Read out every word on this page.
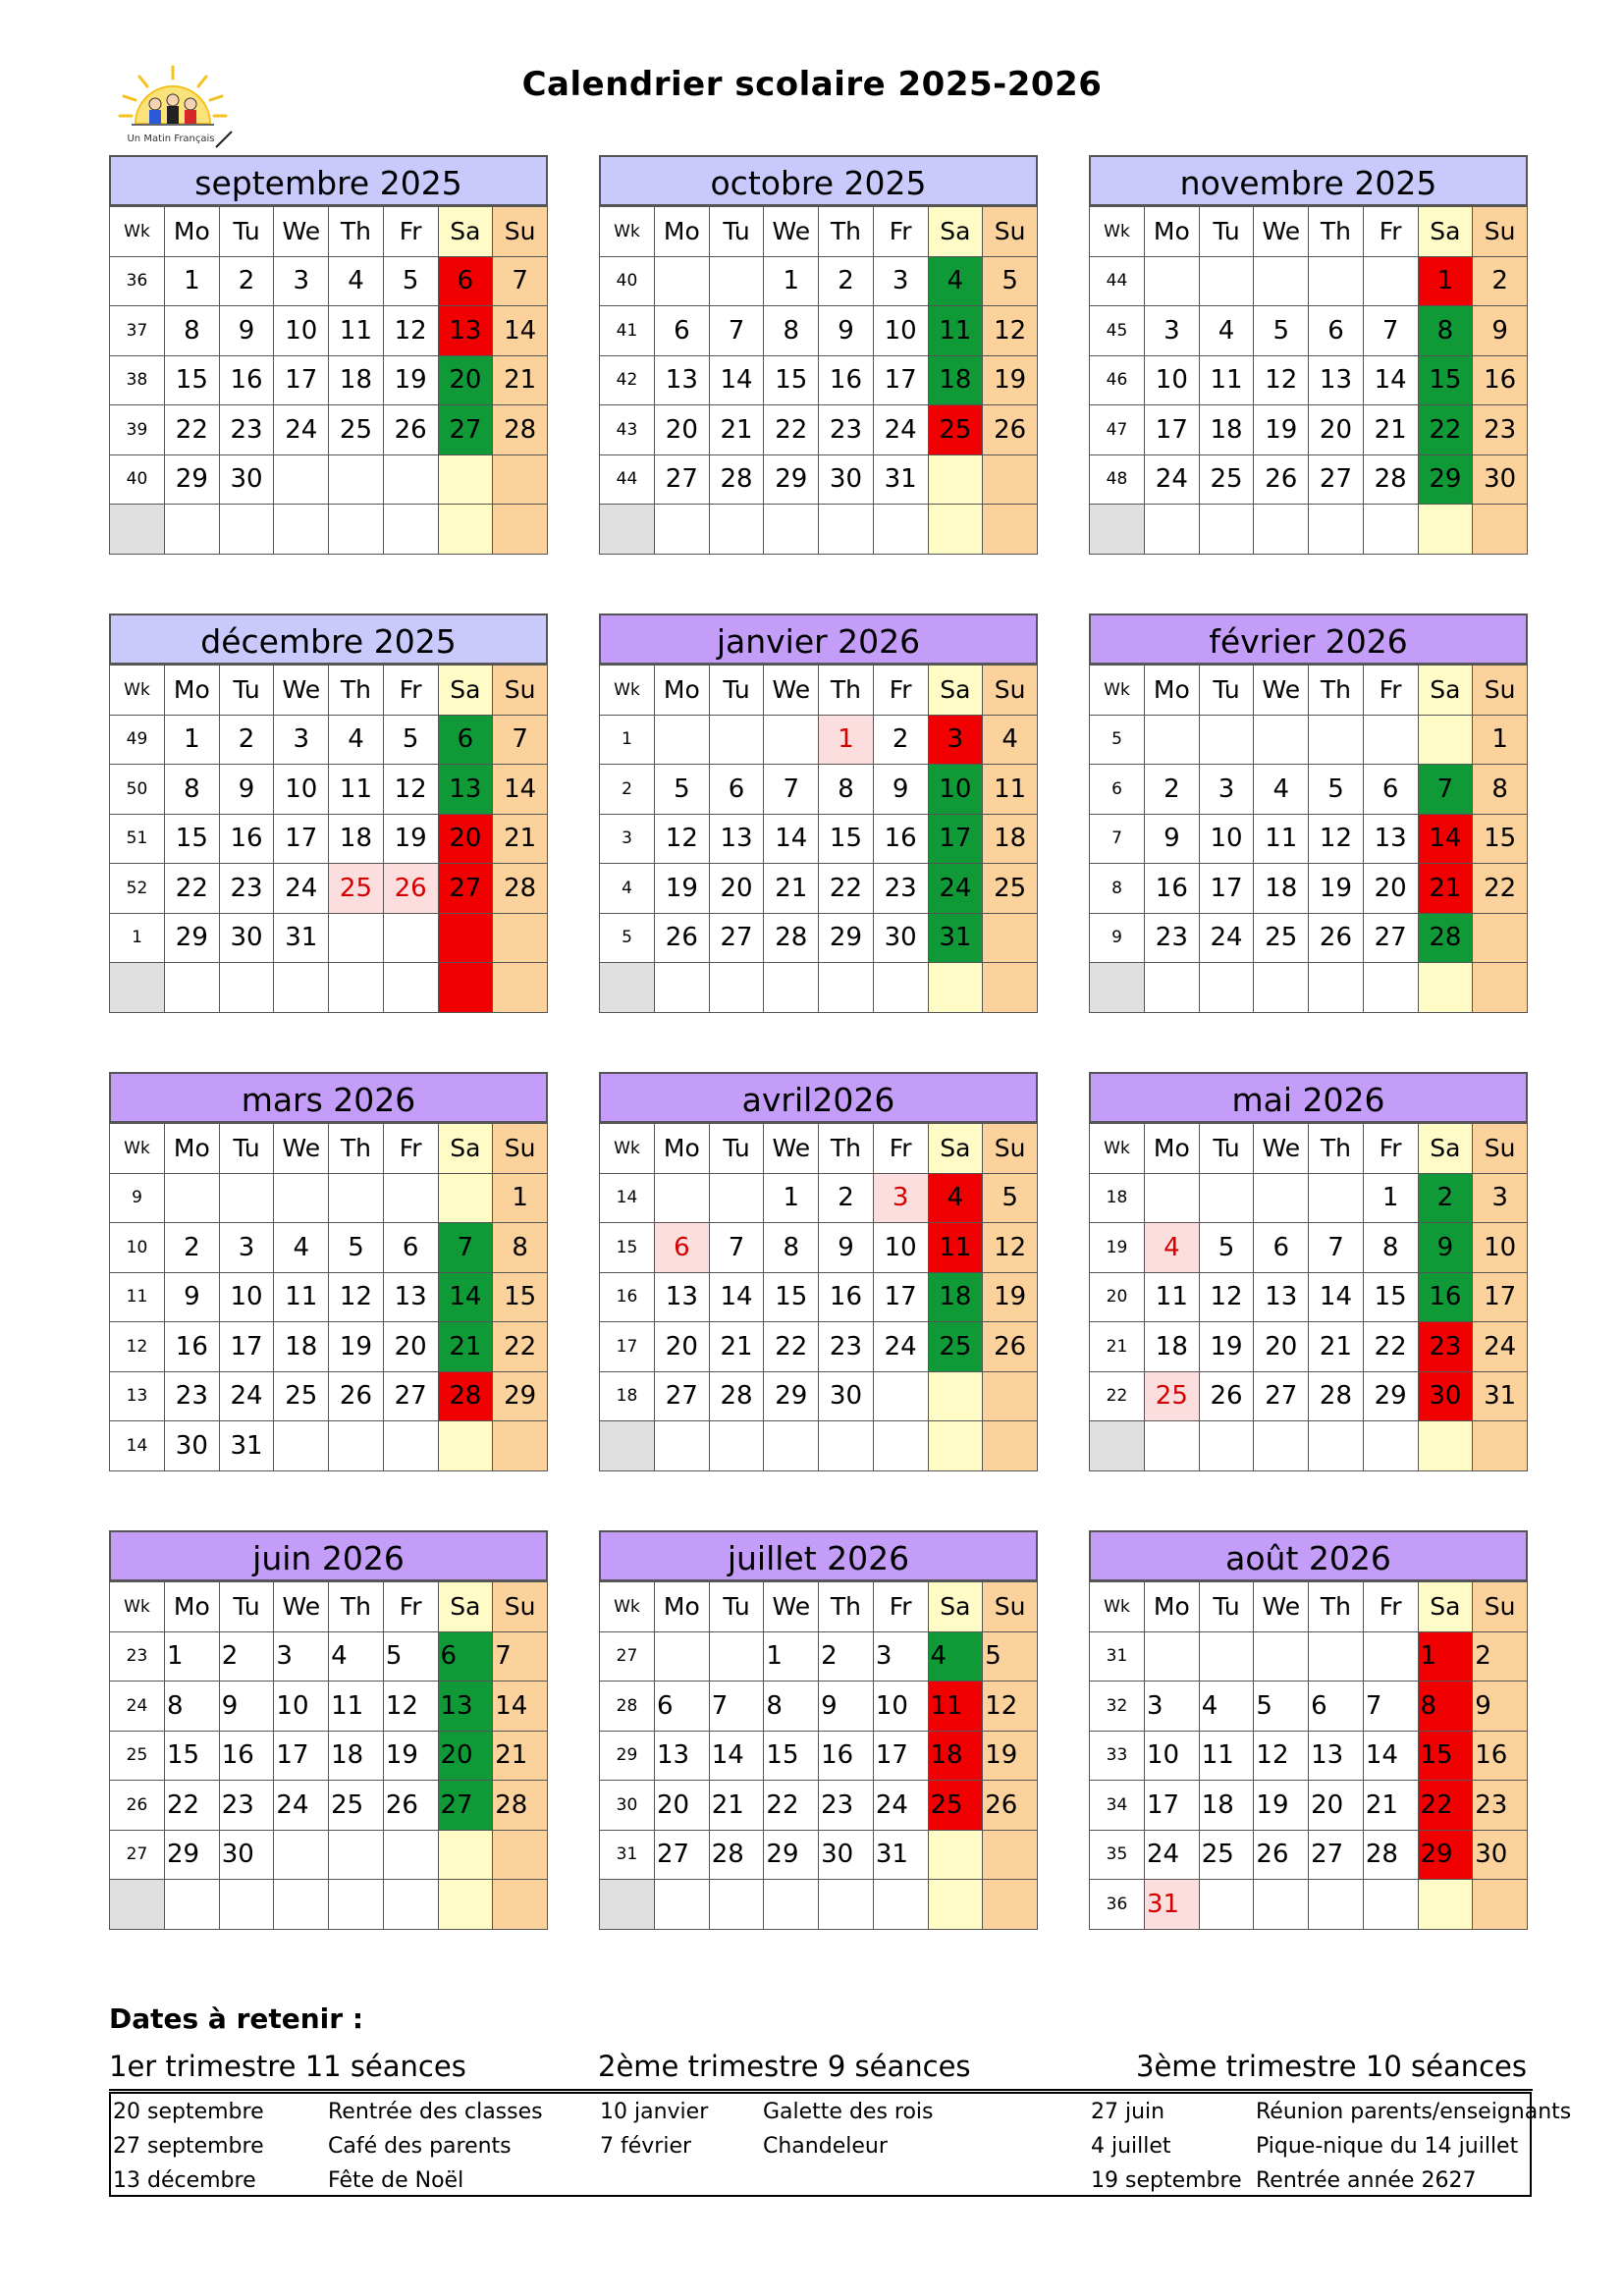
Un Matin Français
Calendrier scolaire 2025-2026
septembre 2025
Wk	Mo	Tu	We	Th	Fr	Sa	Su
36	1	2	3	4	5	6	7
37	8	9	10	11	12	13	14
38	15	16	17	18	19	20	21
39	22	23	24	25	26	27	28
40	29	30					

octobre 2025
Wk	Mo	Tu	We	Th	Fr	Sa	Su
40			1	2	3	4	5
41	6	7	8	9	10	11	12
42	13	14	15	16	17	18	19
43	20	21	22	23	24	25	26
44	27	28	29	30	31		

novembre 2025
Wk	Mo	Tu	We	Th	Fr	Sa	Su
44						1	2
45	3	4	5	6	7	8	9
46	10	11	12	13	14	15	16
47	17	18	19	20	21	22	23
48	24	25	26	27	28	29	30

décembre 2025
Wk	Mo	Tu	We	Th	Fr	Sa	Su
49	1	2	3	4	5	6	7
50	8	9	10	11	12	13	14
51	15	16	17	18	19	20	21
52	22	23	24	25	26	27	28
1	29	30	31				

janvier 2026
Wk	Mo	Tu	We	Th	Fr	Sa	Su
1				1	2	3	4
2	5	6	7	8	9	10	11
3	12	13	14	15	16	17	18
4	19	20	21	22	23	24	25
5	26	27	28	29	30	31	

février 2026
Wk	Mo	Tu	We	Th	Fr	Sa	Su
5							1
6	2	3	4	5	6	7	8
7	9	10	11	12	13	14	15
8	16	17	18	19	20	21	22
9	23	24	25	26	27	28	

mars 2026
Wk	Mo	Tu	We	Th	Fr	Sa	Su
9							1
10	2	3	4	5	6	7	8
11	9	10	11	12	13	14	15
12	16	17	18	19	20	21	22
13	23	24	25	26	27	28	29
14	30	31					
avril2026
Wk	Mo	Tu	We	Th	Fr	Sa	Su
14			1	2	3	4	5
15	6	7	8	9	10	11	12
16	13	14	15	16	17	18	19
17	20	21	22	23	24	25	26
18	27	28	29	30			

mai 2026
Wk	Mo	Tu	We	Th	Fr	Sa	Su
18					1	2	3
19	4	5	6	7	8	9	10
20	11	12	13	14	15	16	17
21	18	19	20	21	22	23	24
22	25	26	27	28	29	30	31

juin 2026
Wk	Mo	Tu	We	Th	Fr	Sa	Su
23	1	2	3	4	5	6	7
24	8	9	10	11	12	13	14
25	15	16	17	18	19	20	21
26	22	23	24	25	26	27	28
27	29	30					

juillet 2026
Wk	Mo	Tu	We	Th	Fr	Sa	Su
27			1	2	3	4	5
28	6	7	8	9	10	11	12
29	13	14	15	16	17	18	19
30	20	21	22	23	24	25	26
31	27	28	29	30	31		

août 2026
Wk	Mo	Tu	We	Th	Fr	Sa	Su
31						1	2
32	3	4	5	6	7	8	9
33	10	11	12	13	14	15	16
34	17	18	19	20	21	22	23
35	24	25	26	27	28	29	30
36	31						
Dates à retenir :
1er trimestre 11 séances	2ème trimestre 9 séances	3ème trimestre 10 séances
20 septembre	Rentrée des classes
27 septembre	Café des parents
13 décembre	Fête de Noël
10 janvier	Galette des rois
7 février	Chandeleur
27 juin	Réunion parents/enseignants
4 juillet	Pique-nique du 14 juillet
19 septembre Rentrée année 2627
